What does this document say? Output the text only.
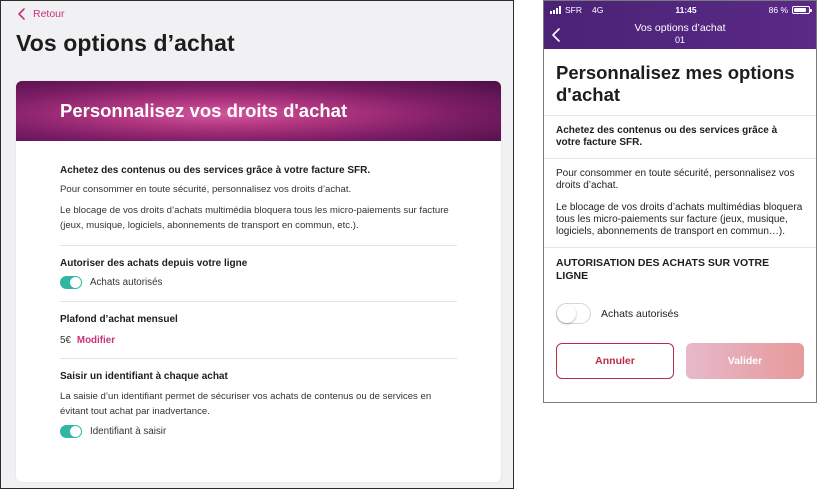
Retour
Vos options d’achat
Personnalisez vos droits d'achat
Achetez des contenus ou des services grâce à votre facture SFR.
Pour consommer en toute sécurité, personnalisez vos droits d’achat.
Le blocage de vos droits d’achats multimédia bloquera tous les micro-paiements sur facture (jeux, musique, logiciels, abonnements de transport en commun, etc.).
Autoriser des achats depuis votre ligne
Achats autorisés
Plafond d’achat mensuel
5€ Modifier
Saisir un identifiant à chaque achat
La saisie d’un identifiant permet de sécuriser vos achats de contenus ou de services en évitant tout achat par inadvertance.
Identifiant à saisir
SFR 4G	11:45	86 %
Vos options d’achat
01
Personnalisez mes options d'achat
Achetez des contenus ou des services grâce à votre facture SFR.
Pour consommer en toute sécurité, personnalisez vos droits d’achat.
Le blocage de vos droits d’achats multimédias bloquera tous les micro-paiements sur facture (jeux, musique, logiciels, abonnements de transport en commun…).
AUTORISATION DES ACHATS SUR VOTRE LIGNE
Achats autorisés
Annuler	Valider
